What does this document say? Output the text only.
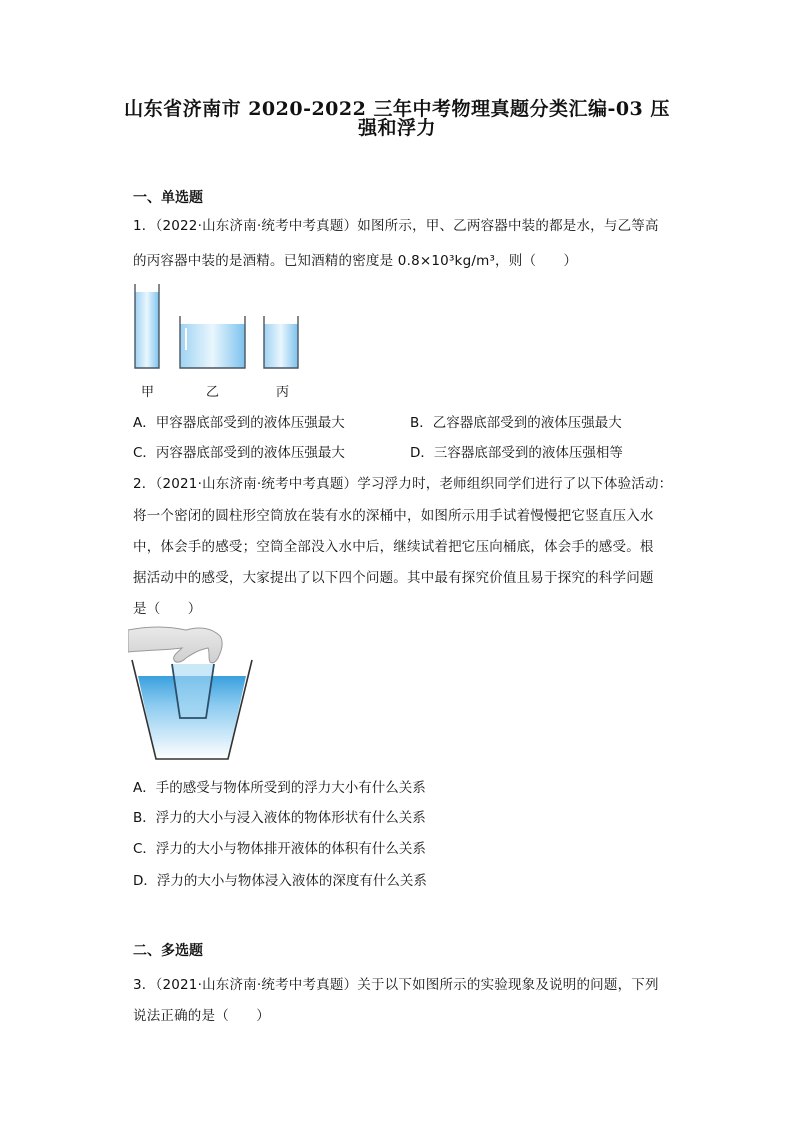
山东省济南市 2020-2022 三年中考物理真题分类汇编-03 压
强和浮力
一、单选题
1．（2022·山东济南·统考中考真题）如图所示，甲、乙两容器中装的都是水，与乙等高
的丙容器中装的是酒精。已知酒精的密度是 0.8×10³kg/m³，则（　　）
甲	乙	丙
A．甲容器底部受到的液体压强最大	B．乙容器底部受到的液体压强最大
C．丙容器底部受到的液体压强最大	D．三容器底部受到的液体压强相等
2．（2021·山东济南·统考中考真题）学习浮力时，老师组织同学们进行了以下体验活动：
将一个密闭的圆柱形空筒放在装有水的深桶中，如图所示用手试着慢慢把它竖直压入水
中，体会手的感受；空筒全部没入水中后，继续试着把它压向桶底，体会手的感受。根
据活动中的感受，大家提出了以下四个问题。其中最有探究价值且易于探究的科学问题
是（　　）
A．手的感受与物体所受到的浮力大小有什么关系
B．浮力的大小与浸入液体的物体形状有什么关系
C．浮力的大小与物体排开液体的体积有什么关系
D．浮力的大小与物体浸入液体的深度有什么关系
二、多选题
3．（2021·山东济南·统考中考真题）关于以下如图所示的实验现象及说明的问题，下列
说法正确的是（　　）
